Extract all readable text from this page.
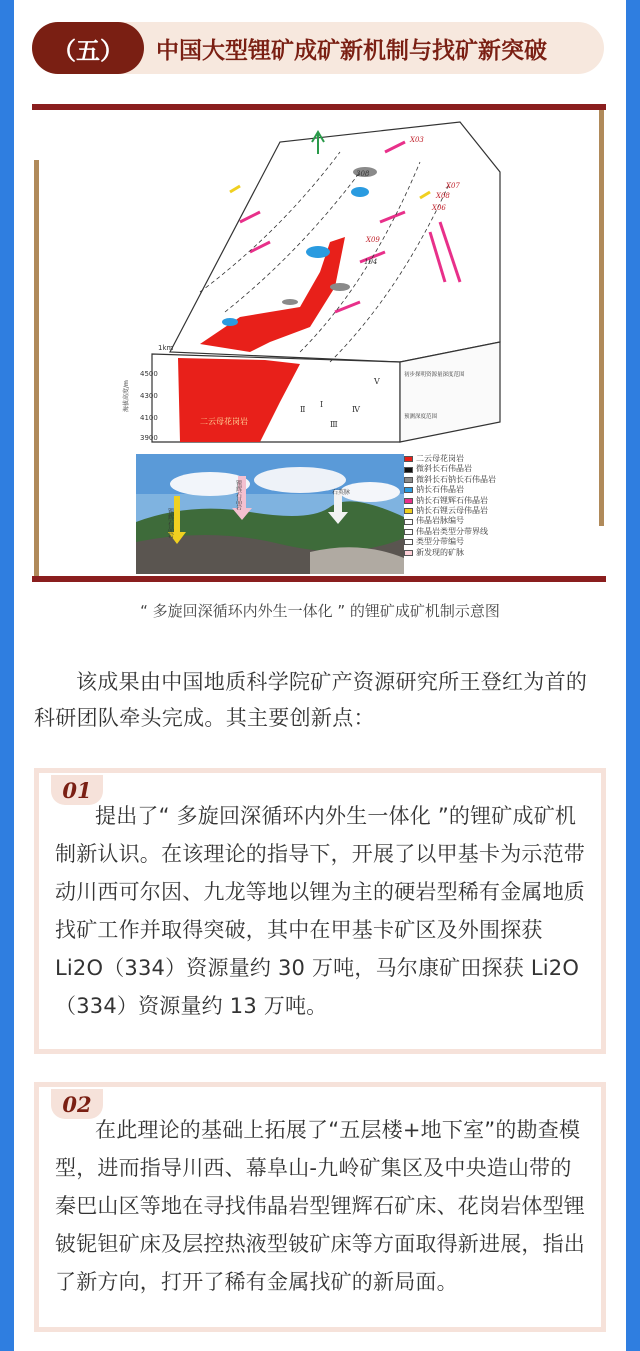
（五）	中国大型锂矿成矿新机制与找矿新突破
4500
4300
4100
3900
海拔高度/m
1km
二云母花岗岩
Ⅰ
Ⅱ
Ⅲ
Ⅳ
Ⅴ
X03
X07
X08
X06
X09
104
308
初步探明资源量深度范围
预测深度范围
锂辉石晶岩
锂辉石晶岩	石英脉
二云母花岗岩
微斜长石伟晶岩
微斜长石钠长石伟晶岩
钠长石伟晶岩
钠长石锂辉石伟晶岩
钠长石锂云母伟晶岩
伟晶岩脉编号
伟晶岩类型分带界线
类型分带编号
新发现的矿脉
“ 多旋回深循环内外生一体化 ” 的锂矿成矿机制示意图

该成果由中国地质科学院矿产资源研究所王登红为首的科研团队牵头完成。其主要创新点：

01

提出了“ 多旋回深循环内外生一体化 ”的锂矿成矿机制新认识。在该理论的指导下，开展了以甲基卡为示范带动川西可尔因、九龙等地以锂为主的硬岩型稀有金属地质找矿工作并取得突破，其中在甲基卡矿区及外围探获 Li2O（334）资源量约 30 万吨，马尔康矿田探获 Li2O（334）资源量约 13 万吨。

02

在此理论的基础上拓展了“五层楼+地下室”的勘查模型，进而指导川西、幕阜山-九岭矿集区及中央造山带的秦巴山区等地在寻找伟晶岩型锂辉石矿床、花岗岩体型锂铍铌钽矿床及层控热液型铍矿床等方面取得新进展，指出了新方向，打开了稀有金属找矿的新局面。
